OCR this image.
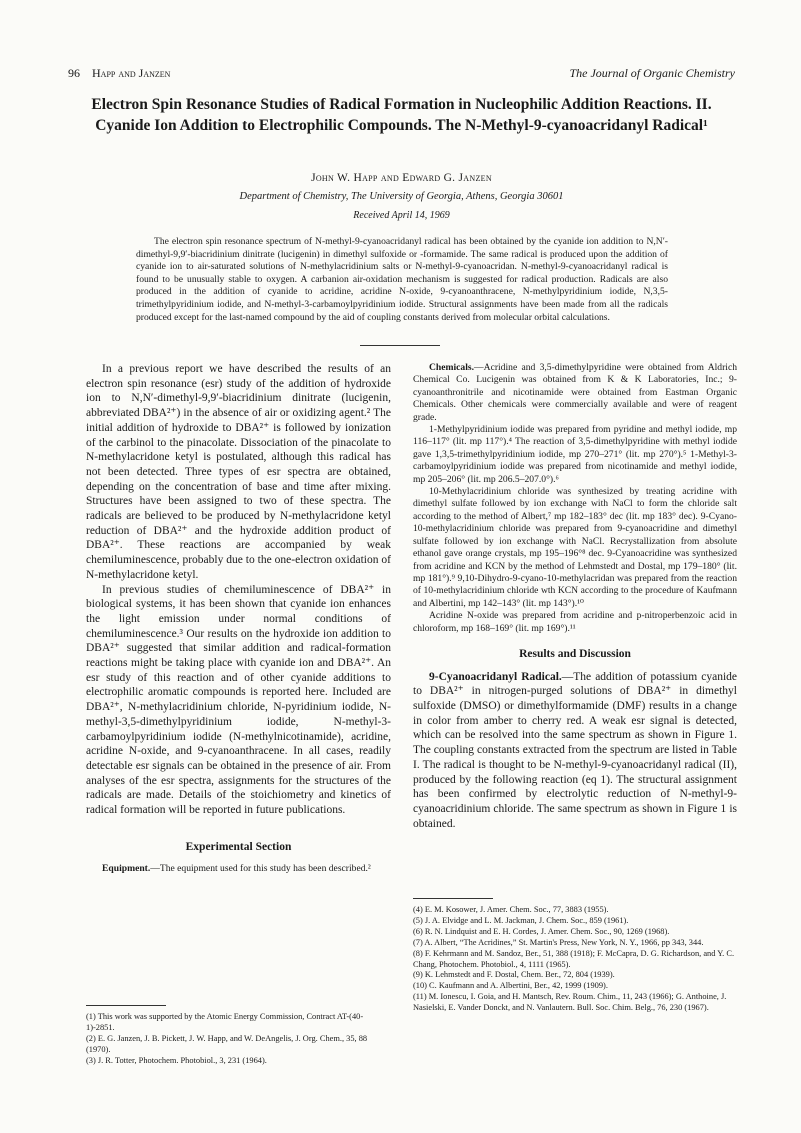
96 Happ and Janzen	The Journal of Organic Chemistry
Electron Spin Resonance Studies of Radical Formation in Nucleophilic Addition Reactions. II. Cyanide Ion Addition to Electrophilic Compounds. The N-Methyl-9-cyanoacridanyl Radical¹
John W. Happ and Edward G. Janzen
Department of Chemistry, The University of Georgia, Athens, Georgia 30601
Received April 14, 1969
The electron spin resonance spectrum of N-methyl-9-cyanoacridanyl radical has been obtained by the cyanide ion addition to N,N′-dimethyl-9,9′-biacridinium dinitrate (lucigenin) in dimethyl sulfoxide or -formamide. The same radical is produced upon the addition of cyanide ion to air-saturated solutions of N-methylacridinium salts or N-methyl-9-cyanoacridan. N-methyl-9-cyanoacridanyl radical is found to be unusually stable to oxygen. A carbanion air-oxidation mechanism is suggested for radical production. Radicals are also produced in the addition of cyanide to acridine, acridine N-oxide, 9-cyanoanthracene, N-methylpyridinium iodide, N,3,5-trimethylpyridinium iodide, and N-methyl-3-carbamoylpyridinium iodide. Structural assignments have been made from all the radicals produced except for the last-named compound by the aid of coupling constants derived from molecular orbital calculations.

In a previous report we have described the results of an electron spin resonance (esr) study of the addition of hydroxide ion to N,N′-dimethyl-9,9′-biacridinium dinitrate (lucigenin, abbreviated DBA²⁺) in the absence of air or oxidizing agent.² The initial addition of hydroxide to DBA²⁺ is followed by ionization of the carbinol to the pinacolate. Dissociation of the pinacolate to N-methylacridone ketyl is postulated, although this radical has not been detected. Three types of esr spectra are obtained, depending on the concentration of base and time after mixing. Structures have been assigned to two of these spectra. The radicals are believed to be produced by N-methylacridone ketyl reduction of DBA²⁺ and the hydroxide addition product of DBA²⁺. These reactions are accompanied by weak chemiluminescence, probably due to the one-electron oxidation of N-methylacridone ketyl.

In previous studies of chemiluminescence of DBA²⁺ in biological systems, it has been shown that cyanide ion enhances the light emission under normal conditions of chemiluminescence.³ Our results on the hydroxide ion addition to DBA²⁺ suggested that similar addition and radical-formation reactions might be taking place with cyanide ion and DBA²⁺. An esr study of this reaction and of other cyanide additions to electrophilic aromatic compounds is reported here. Included are DBA²⁺, N-methylacridinium chloride, N-pyridinium iodide, N-methyl-3,5-dimethylpyridinium iodide, N-methyl-3-carbamoylpyridinium iodide (N-methylnicotinamide), acridine, acridine N-oxide, and 9-cyanoanthracene. In all cases, readily detectable esr signals can be obtained in the presence of air. From analyses of the esr spectra, assignments for the structures of the radicals are made. Details of the stoichiometry and kinetics of radical formation will be reported in future publications.

Experimental Section

Equipment.—The equipment used for this study has been described.²

(1) This work was supported by the Atomic Energy Commission, Contract AT-(40-1)-2851.

(2) E. G. Janzen, J. B. Pickett, J. W. Happ, and W. DeAngelis, J. Org. Chem., 35, 88 (1970).

(3) J. R. Totter, Photochem. Photobiol., 3, 231 (1964).

Chemicals.—Acridine and 3,5-dimethylpyridine were obtained from Aldrich Chemical Co. Lucigenin was obtained from K & K Laboratories, Inc.; 9-cyanoanthronitrile and nicotinamide were obtained from Eastman Organic Chemicals. Other chemicals were commercially available and were of reagent grade.

1-Methylpyridinium iodide was prepared from pyridine and methyl iodide, mp 116–117° (lit. mp 117°).⁴ The reaction of 3,5-dimethylpyridine with methyl iodide gave 1,3,5-trimethylpyridinium iodide, mp 270–271° (lit. mp 270°).⁵ 1-Methyl-3-carbamoylpyridinium iodide was prepared from nicotinamide and methyl iodide, mp 205–206° (lit. mp 206.5–207.0°).⁶

10-Methylacridinium chloride was synthesized by treating acridine with dimethyl sulfate followed by ion exchange with NaCl to form the chloride salt according to the method of Albert,⁷ mp 182–183° dec (lit. mp 183° dec). 9-Cyano-10-methylacridinium chloride was prepared from 9-cyanoacridine and dimethyl sulfate followed by ion exchange with NaCl. Recrystallization from absolute ethanol gave orange crystals, mp 195–196°⁸ dec. 9-Cyanoacridine was synthesized from acridine and KCN by the method of Lehmstedt and Dostal, mp 179–180° (lit. mp 181°).⁹ 9,10-Dihydro-9-cyano-10-methylacridan was prepared from the reaction of 10-methylacridinium chloride wth KCN according to the procedure of Kaufmann and Albertini, mp 142–143° (lit. mp 143°).¹⁰

Acridine N-oxide was prepared from acridine and p-nitroperbenzoic acid in chloroform, mp 168–169° (lit. mp 169°).¹¹

Results and Discussion

9-Cyanoacridanyl Radical.—The addition of potassium cyanide to DBA²⁺ in nitrogen-purged solutions of DBA²⁺ in dimethyl sulfoxide (DMSO) or dimethylformamide (DMF) results in a change in color from amber to cherry red. A weak esr signal is detected, which can be resolved into the same spectrum as shown in Figure 1. The coupling constants extracted from the spectrum are listed in Table I. The radical is thought to be N-methyl-9-cyanoacridanyl radical (II), produced by the following reaction (eq 1). The structural assignment has been confirmed by electrolytic reduction of N-methyl-9-cyanoacridinium chloride. The same spectrum as shown in Figure 1 is obtained.

(4) E. M. Kosower, J. Amer. Chem. Soc., 77, 3883 (1955).

(5) J. A. Elvidge and L. M. Jackman, J. Chem. Soc., 859 (1961).

(6) R. N. Lindquist and E. H. Cordes, J. Amer. Chem. Soc., 90, 1269 (1968).

(7) A. Albert, “The Acridines,” St. Martin's Press, New York, N. Y., 1966, pp 343, 344.

(8) F. Kehrmann and M. Sandoz, Ber., 51, 388 (1918); F. McCapra, D. G. Richardson, and Y. C. Chang, Photochem. Photobiol., 4, 1111 (1965).

(9) K. Lehmstedt and F. Dostal, Chem. Ber., 72, 804 (1939).

(10) C. Kaufmann and A. Albertini, Ber., 42, 1999 (1909).

(11) M. Ionescu, I. Goia, and H. Mantsch, Rev. Roum. Chim., 11, 243 (1966); G. Anthoine, J. Nasielski, E. Vander Donckt, and N. Vanlautern. Bull. Soc. Chim. Belg., 76, 230 (1967).
